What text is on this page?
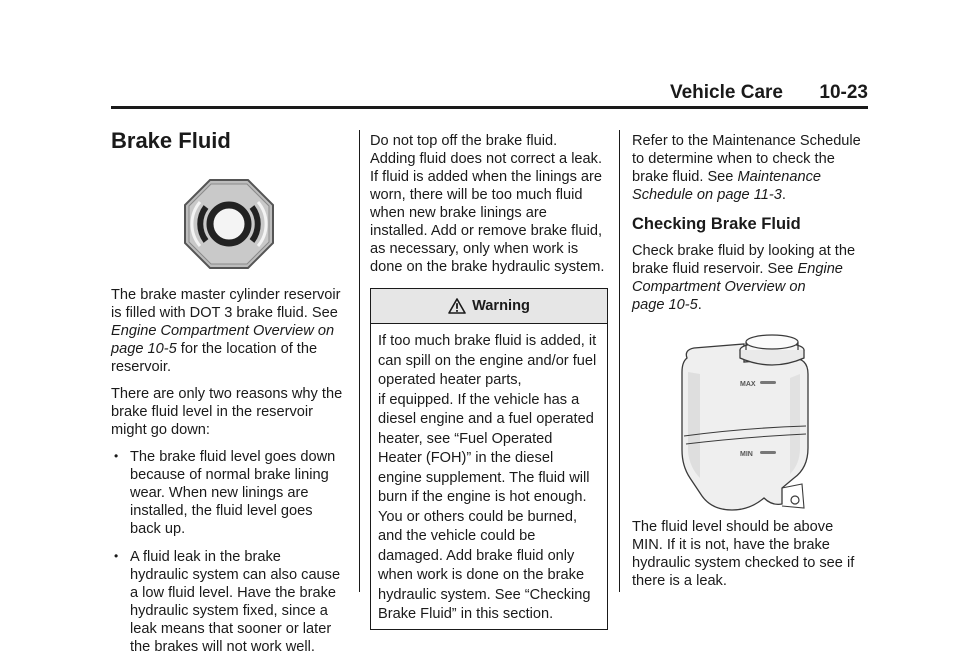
Vehicle Care 10-23
Brake Fluid

The brake master cylinder reservoir
is filled with DOT 3 brake fluid. See
Engine Compartment Overview on
page 10-5 for the location of the
reservoir.

There are only two reasons why the
brake fluid level in the reservoir
might go down:

• The brake fluid level goes down
because of normal brake lining
wear. When new linings are
installed, the fluid level goes
back up.
• A fluid leak in the brake
hydraulic system can also cause
a low fluid level. Have the brake
hydraulic system fixed, since a
leak means that sooner or later
the brakes will not work well.

Do not top off the brake fluid.
Adding fluid does not correct a leak.
If fluid is added when the linings are
worn, there will be too much fluid
when new brake linings are
installed. Add or remove brake fluid,
as necessary, only when work is
done on the brake hydraulic system.

Warning
If too much brake fluid is added, it
can spill on the engine and/or fuel
operated heater parts,
if equipped. If the vehicle has a
diesel engine and a fuel operated
heater, see “Fuel Operated
Heater (FOH)” in the diesel
engine supplement. The fluid will
burn if the engine is hot enough.
You or others could be burned,
and the vehicle could be
damaged. Add brake fluid only
when work is done on the brake
hydraulic system. See “Checking
Brake Fluid” in this section.

Refer to the Maintenance Schedule
to determine when to check the
brake fluid. See Maintenance
Schedule on page 11-3.

Checking Brake Fluid

Check brake fluid by looking at the
brake fluid reservoir. See Engine
Compartment Overview on
page 10-5.

MAX
MIN

The fluid level should be above
MIN. If it is not, have the brake
hydraulic system checked to see if
there is a leak.
